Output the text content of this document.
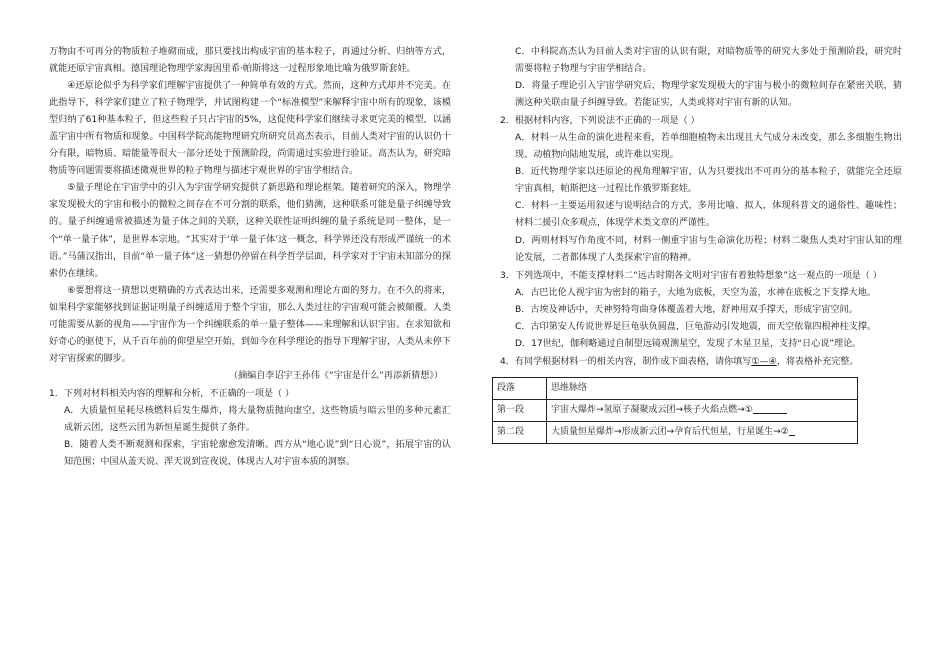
万物由不可再分的物质粒子堆砌而成，那只要找出构成宇宙的基本粒子，再通过分析、归纳等方式，就能还原宇宙真相。德国理论物理学家海因里希·帕斯将这一过程形象地比喻为俄罗斯套娃。

④还原论似乎为科学家们理解宇宙提供了一种简单有效的方式。然而，这种方式却并不完美。在此指导下，科学家们建立了粒子物理学，并试图构建一个“标准模型”来解释宇宙中所有的现象，该模型归纳了61种基本粒子，但这些粒子只占宇宙的5%，这促使科学家们继续寻求更完美的模型，以涵盖宇宙中所有物质和现象。中国科学院高能物理研究所研究员高杰表示，目前人类对宇宙的认识仍十分有限，暗物质、暗能量等很大一部分还处于预测阶段，尚需通过实验进行验证。高杰认为，研究暗物质等问题需要将描述微观世界的粒子物理与描述宇观世界的宇宙学相结合。

⑤量子理论在宇宙学中的引入为宇宙学研究提供了新思路和理论框架。随着研究的深入，物理学家发现极大的宇宙和极小的微粒之间存在不可分割的联系，他们猜测，这种联系可能是量子纠缠导致的。量子纠缠通常被描述为量子体之间的关联，这种关联性证明纠缠的量子系统是同一整体，是一个“单一量子体”，是世界本宗地。“其实对于‘单一量子体’这一概念，科学界还没有形成严谨统一的术语。”马蒲汉指出，目前“单一量子体”这一猜想仍停留在科学哲学层面，科学家对于宇宙未知部分的探索仍在继续。

⑥要想将这一猜想以更精确的方式表达出来，还需要多观测和理论方面的努力。在不久的将来，如果科学家能够找到证据证明量子纠缠适用于整个宇宙，那么人类过往的宇宙观可能会被颠覆。人类可能需要从新的视角——宇宙作为一个纠缠联系的单一量子整体——来理解和认识宇宙。在求知欲和好奇心的驱使下，从千百年前的仰望星空开始，到如今在科学理论的指导下理解宇宙，人类从未停下对宇宙探索的脚步。

（摘编自李诏宇王孙伟《“宇宙是什么”再添新猜想》）

1．下列对材料相关内容的理解和分析，不正确的一项是（ ）

A．大质量恒星耗尽核燃料后发生爆炸，将大量物质抛向虚空，这些物质与暗云里的多种元素汇成新云团，这些云团为新恒星诞生提供了条件。

B．随着人类不断观测和探索，宇宙轮廓愈发清晰。西方从“地心说”到“日心说”，拓展宇宙的认知范围；中国从盖天说、浑天说到宣夜说，体现古人对宇宙本质的洞察。

C．中科院高杰认为目前人类对宇宙的认识有限，对暗物质等的研究大多处于预测阶段，研究时需要将粒子物理与宇宙学相结合。

D．将量子理论引入宇宙学研究后，物理学家发现极大的宇宙与极小的微粒间存在紧密关联，猜测这种关联由量子纠缠导致。若能证实，人类或将对宇宙有新的认知。

2．根据材料内容，下列说法不正确的一项是（ ）

A．材料一从生命的演化进程来看，若单细胞植物未出现且大气成分未改变，那么多细胞生物出现、动植物向陆地发展，或许难以实现。

B．近代物理学家以还原论的视角理解宇宙，认为只要找出不可再分的基本粒子，就能完全还原宇宙真相，帕斯把这一过程比作俄罗斯套娃。

C．材料一主要运用叙述与说明结合的方式，多用比喻、拟人，体现科普文的通俗性、趣味性；材料二援引众多观点，体现学术类文章的严谨性。

D．两则材料写作角度不同，材料一侧重宇宙与生命演化历程；材料二聚焦人类对宇宙认知的理论发展，二者都体现了人类探索宇宙的精神。

3．下列选项中，不能支撑材料二“远古时期各文明对宇宙有着独特想象”这一观点的一项是（ ）

A．古巴比伦人视宇宙为密封的箱子，大地为底板，天空为盖，水神在底板之下支撑大地。

B．古埃及神话中，天神努特弯曲身体覆盖着大地，舒神用双手撑天，形成宇宙空间。

C．古印第安人传说世界是巨龟驮负圆盘，巨龟游动引发地震，而天空依靠四根神柱支撑。

D．17世纪，伽利略通过自制望远镜观测星空，发现了木星卫星，支持“日心说”理论。

4．有同学根据材料一的相关内容，制作成下面表格，请你填写①—④，将表格补充完整。

段落	思维脉络
第一段	宇宙大爆炸→氢原子凝聚成云团→核子火焰点燃→①
第二段	大质量恒星爆炸→形成新云团→孕育后代恒星，行星诞生→②
